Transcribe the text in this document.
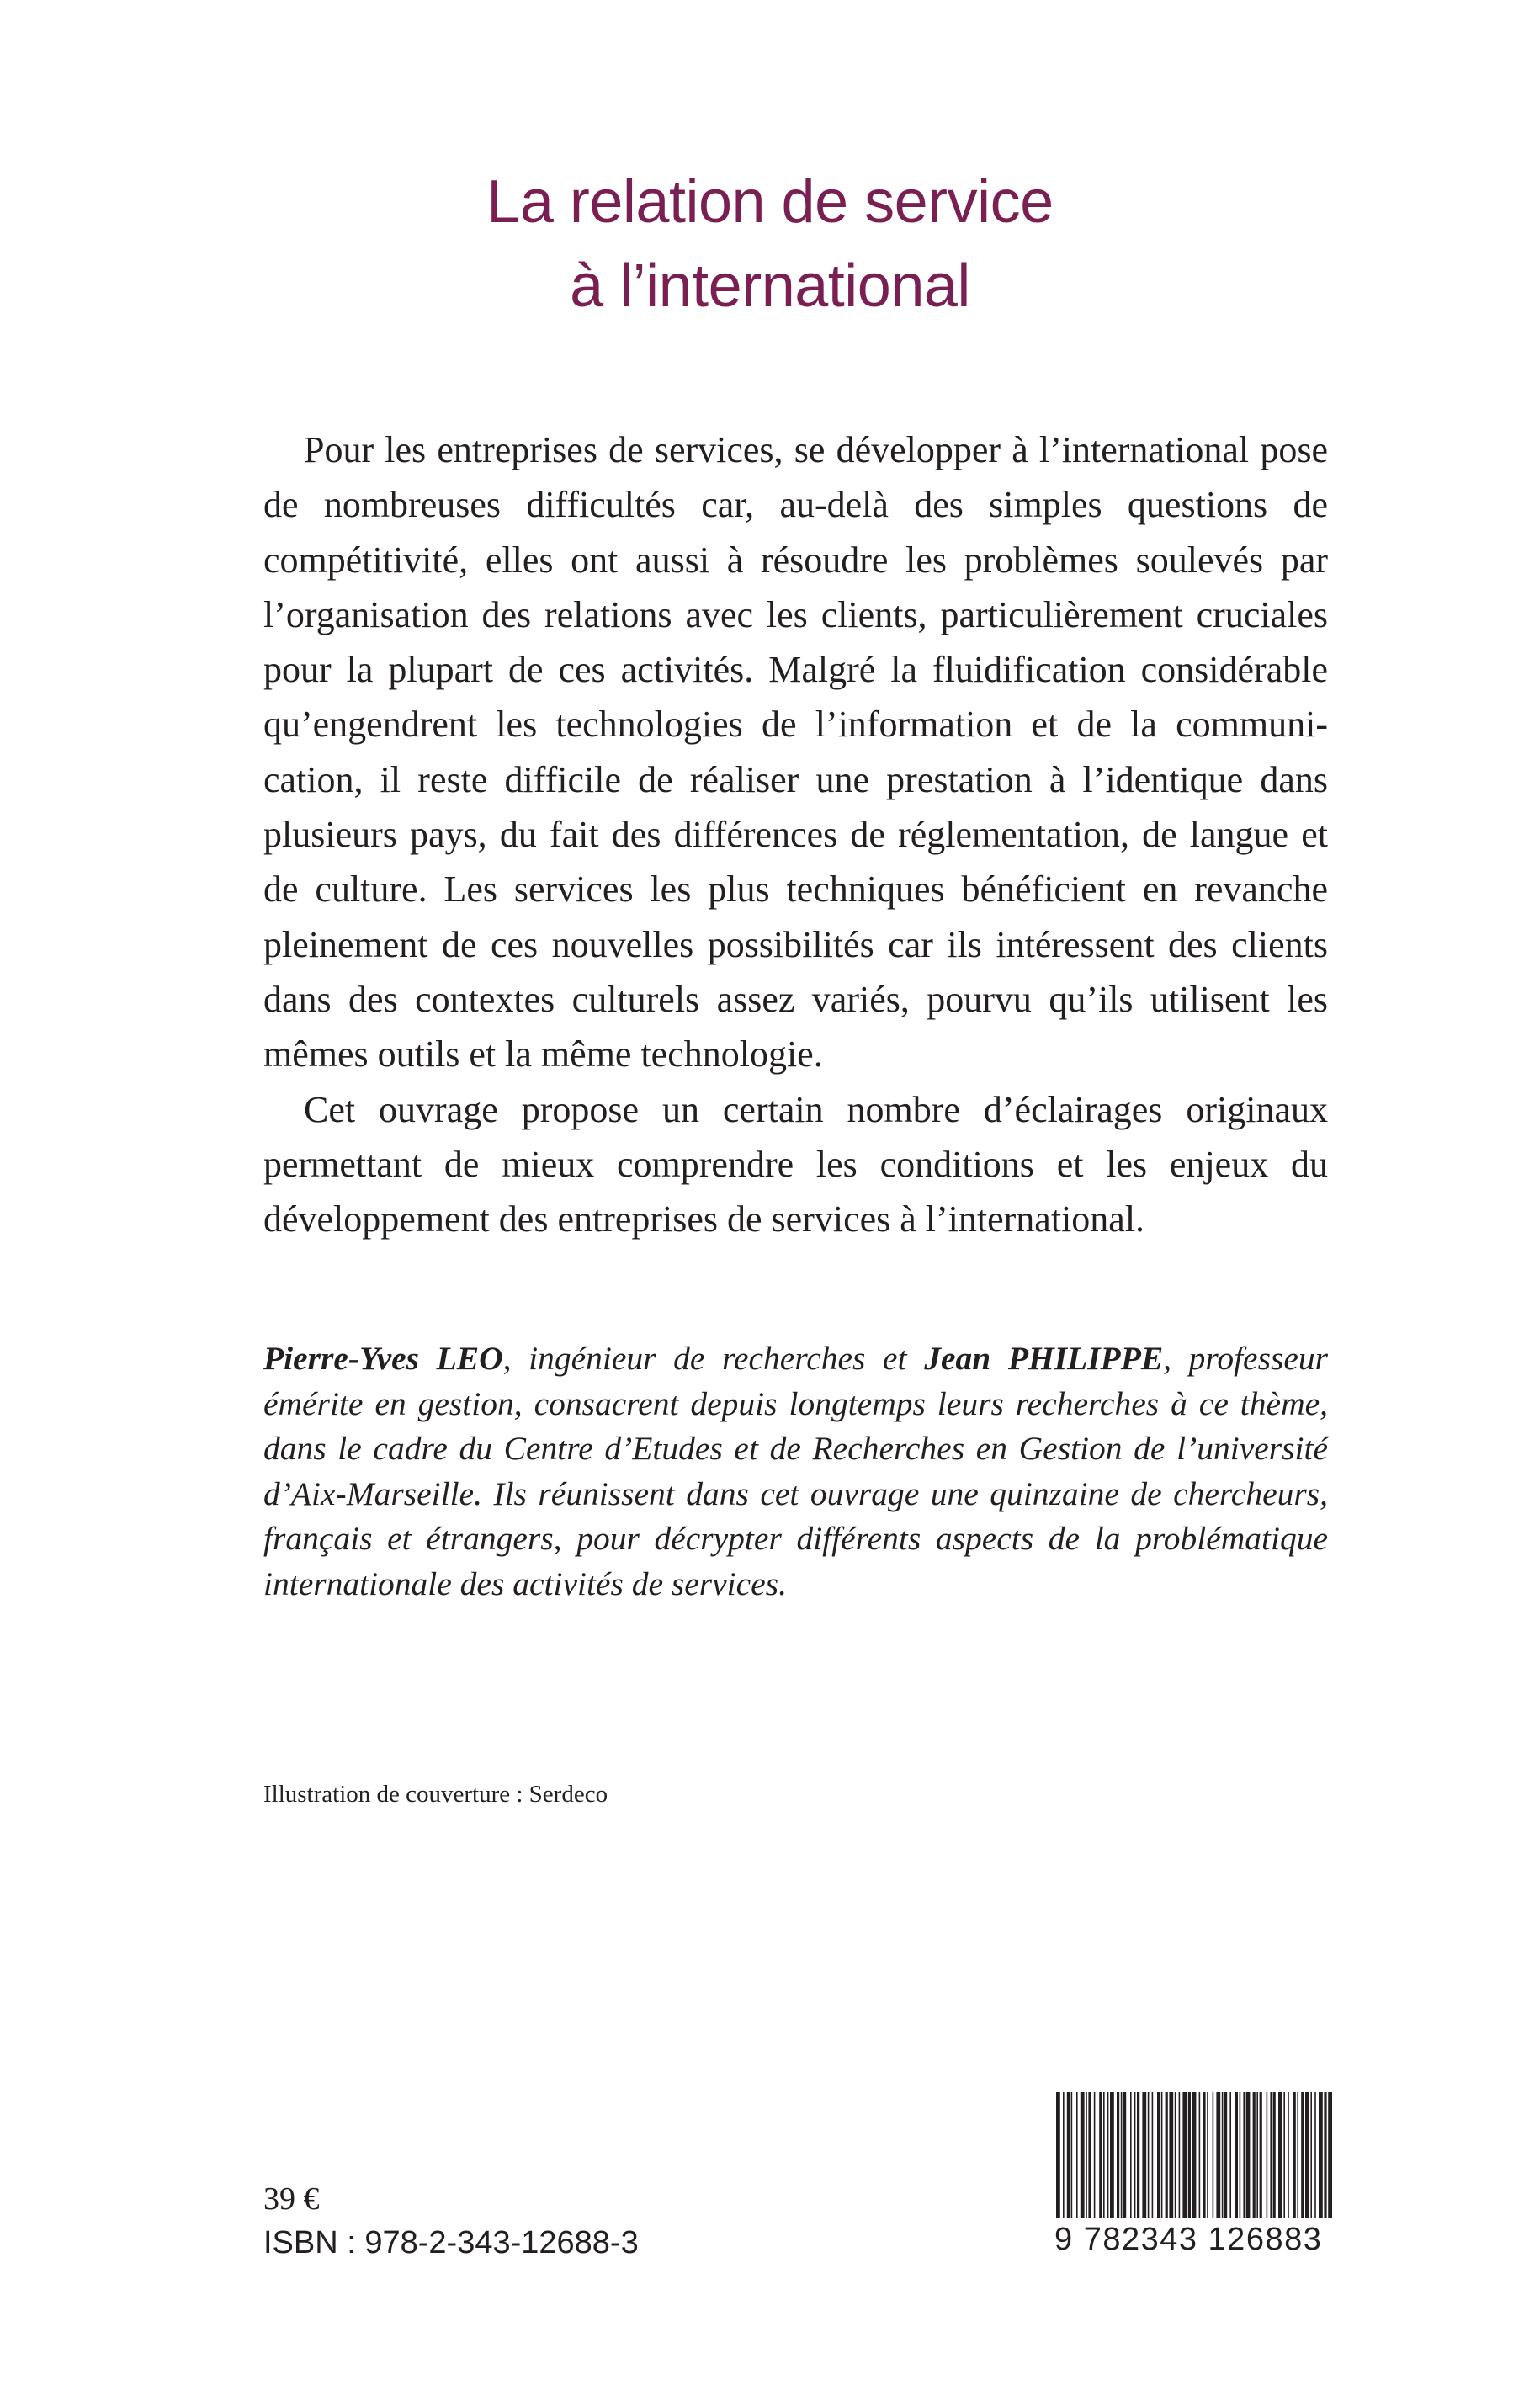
La relation de service
à l’international

Pour les entreprises de services, se développer à l’international pose de nombreuses difficultés car, au-delà des simples questions de compétitivité, elles ont aussi à résoudre les problèmes soulevés par l’organisation des relations avec les clients, particulièrement cruciales pour la plupart de ces activités. Malgré la fluidification considérable qu’engendrent les technologies de l’information et de la communication, il reste difficile de réaliser une prestation à l’identique dans plusieurs pays, du fait des différences de réglementation, de langue et de culture. Les services les plus techniques bénéficient en revanche pleinement de ces nouvelles possibilités car ils intéressent des clients dans des contextes culturels assez variés, pourvu qu’ils utilisent les mêmes outils et la même technologie.

Cet ouvrage propose un certain nombre d’éclairages originaux permettant de mieux comprendre les conditions et les enjeux du développement des entreprises de services à l’international.

Pierre-Yves LEO, ingénieur de recherches et Jean PHILIPPE, professeur émérite en gestion, consacrent depuis longtemps leurs recherches à ce thème, dans le cadre du Centre d’Etudes et de Recherches en Gestion de l’université d’Aix-Marseille. Ils réunissent dans cet ouvrage une quinzaine de chercheurs, français et étrangers, pour décrypter différents aspects de la problématique internationale des activités de services.
Illustration de couverture : Serdeco
39 €
ISBN : 978-2-343-12688-3	9 782343 126883
